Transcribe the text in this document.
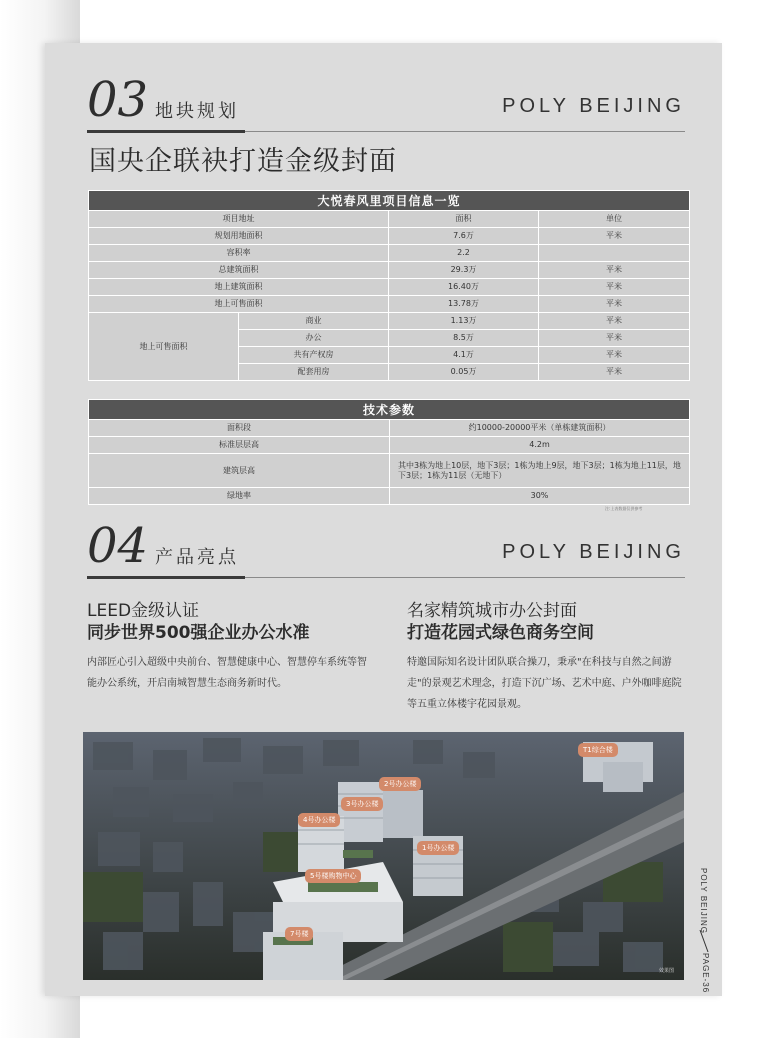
03 地块规划	POLY BEIJING
国央企联袂打造金级封面
大悦春风里项目信息一览			
项目地址		面积	单位
规划用地面积		7.6万	平米
容积率		2.2	
总建筑面积		29.3万	平米
地上建筑面积		16.40万	平米
地上可售面积		13.78万	平米
地上可售面积	商业	1.13万	平米
	办公	8.5万	平米
	共有产权房	4.1万	平米
	配套用房	0.05万	平米
技术参数	
面积段	约10000-20000平米（单栋建筑面积）
标准层层高	4.2m
建筑层高	其中3栋为地上10层，地下3层；1栋为地上9层，地下3层；1栋为地上11层，地下3层；1栋为11层（无地下）
绿地率	30%
注:上表数据仅供参考
04 产品亮点	POLY BEIJING
LEED金级认证
同步世界500强企业办公水准

内部匠心引入超级中央前台、智慧健康中心、智慧停车系统等智能办公系统，开启南城智慧生态商务新时代。

名家精筑城市办公封面
打造花园式绿色商务空间

特邀国际知名设计团队联合操刀，秉承"在科技与自然之间游走"的景观艺术理念，打造下沉广场、艺术中庭、户外咖啡庭院等五重立体楼宇花园景观。

T1综合楼
2号办公楼
3号办公楼
4号办公楼
1号办公楼
5号楼购物中心
7号楼
效果图
POLY BEIJING
PAGE-36
